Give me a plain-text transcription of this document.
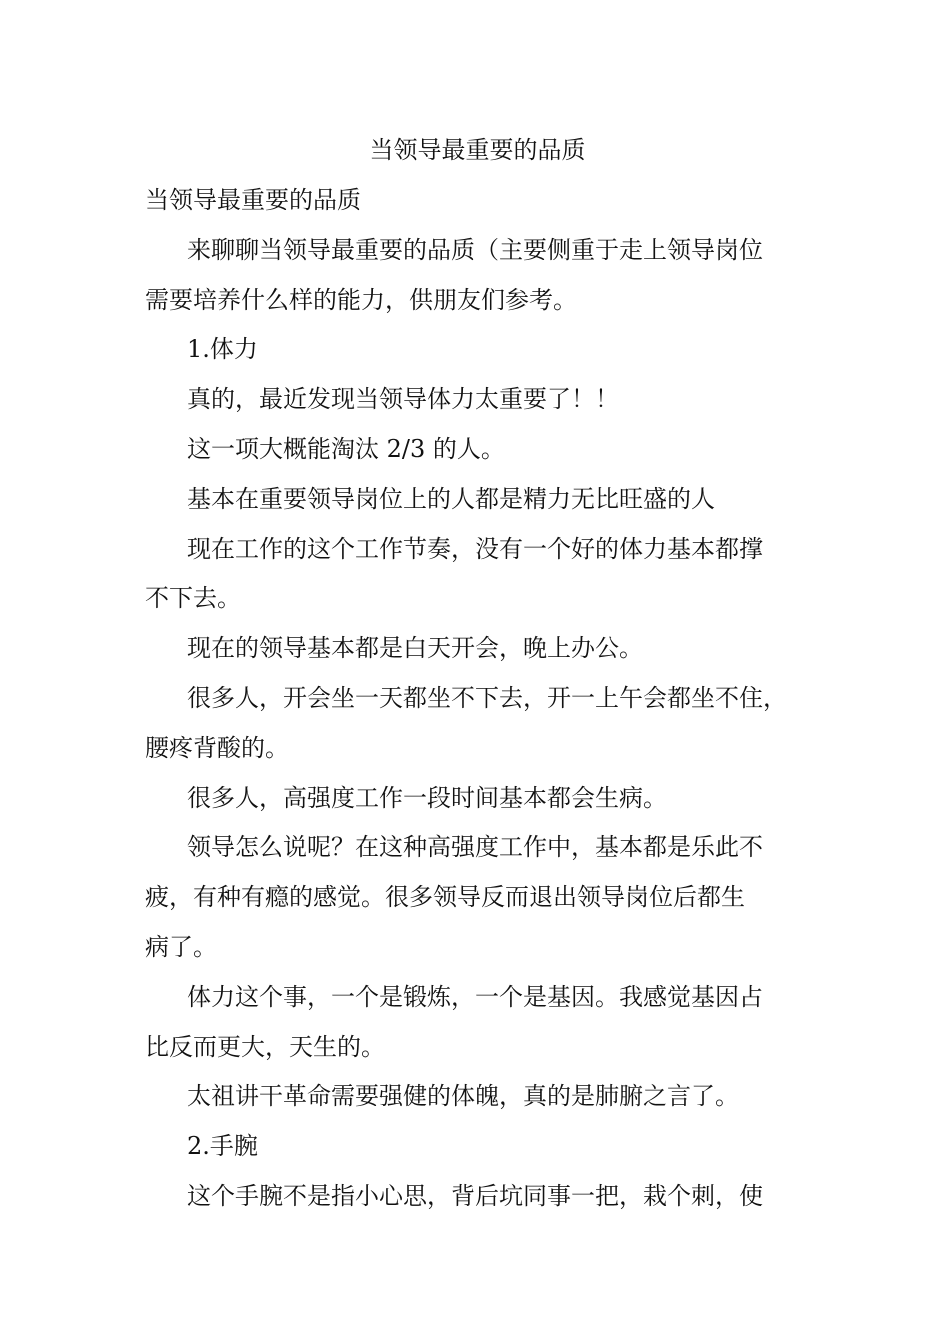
当领导最重要的品质

当领导最重要的品质

来聊聊当领导最重要的品质（主要侧重于走上领导岗位

需要培养什么样的能力，供朋友们参考。

1.体力

真的，最近发现当领导体力太重要了！！

这一项大概能淘汰 2/3 的人。

基本在重要领导岗位上的人都是精力无比旺盛的人

现在工作的这个工作节奏，没有一个好的体力基本都撑

不下去。

现在的领导基本都是白天开会，晚上办公。

很多人，开会坐一天都坐不下去，开一上午会都坐不住，

腰疼背酸的。

很多人，高强度工作一段时间基本都会生病。

领导怎么说呢？在这种高强度工作中，基本都是乐此不

疲，有种有瘾的感觉。很多领导反而退出领导岗位后都生

病了。

体力这个事，一个是锻炼，一个是基因。我感觉基因占

比反而更大，天生的。

太祖讲干革命需要强健的体魄，真的是肺腑之言了。

2.手腕

这个手腕不是指小心思，背后坑同事一把，栽个刺，使
